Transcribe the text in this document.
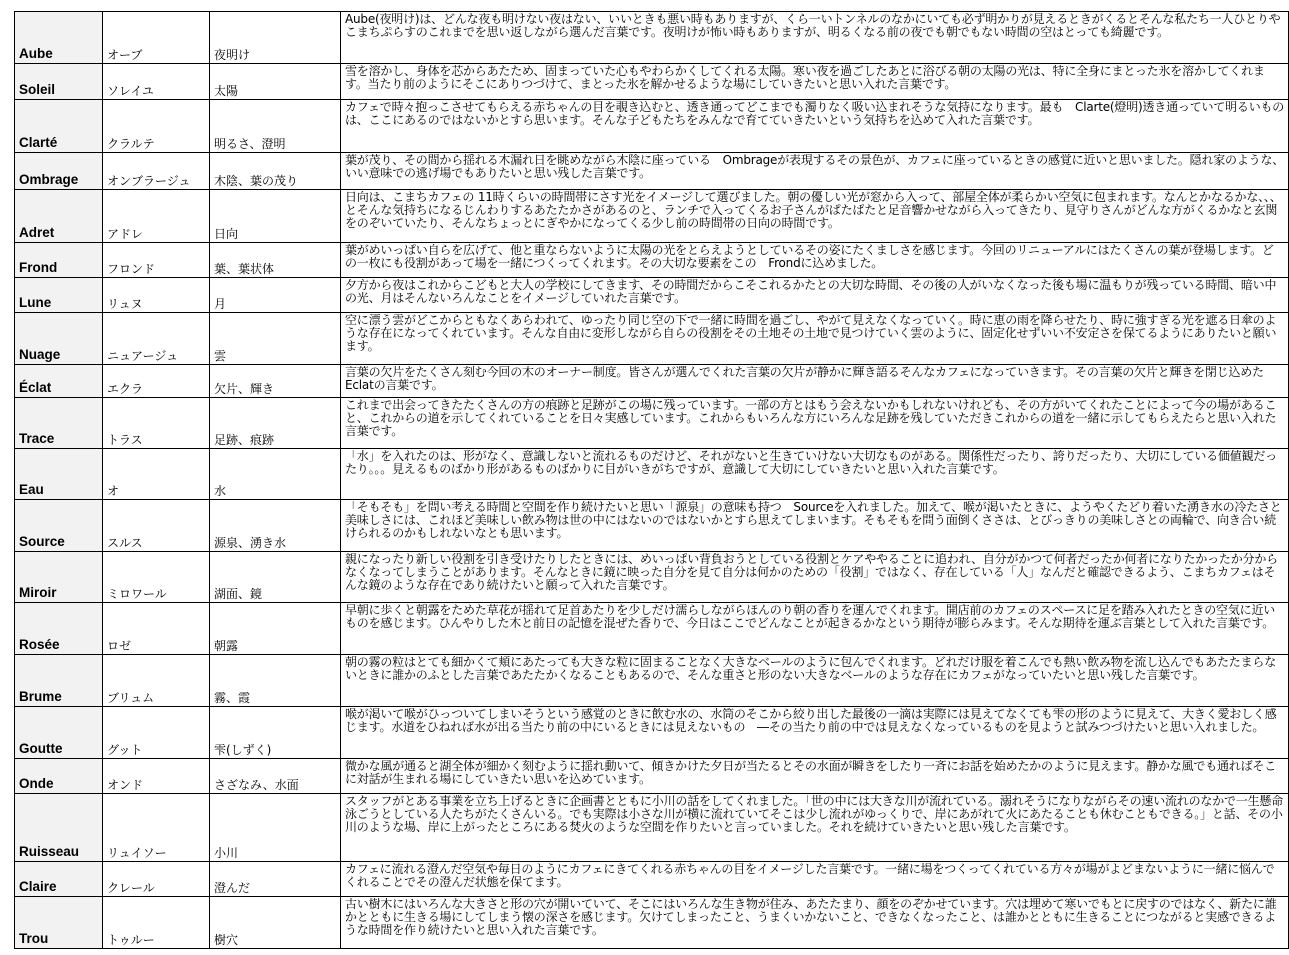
Aube	オーブ	夜明け	Aube(夜明け)は、どんな夜も明けない夜はない、いいときも悪い時もありますが、くら一いトンネルのなかにいても必ず明かりが見えるときがくるとそんな私たち一人ひとりやこまちぷらすのこれまでを思い返しながら選んだ言葉です。夜明けが怖い時もありますが、明るくなる前の夜でも朝でもない時間の空はとっても綺麗です。

Soleil	ソレイユ	太陽	雪を溶かし、身体を芯からあたため、固まっていた心もやわらかくしてくれる太陽。寒い夜を過ごしたあとに浴びる朝の太陽の光は、特に全身にまとった氷を溶かしてくれます。当たり前のようにそこにありつづけて、まとった氷を解かせるような場にしていきたいと思い入れた言葉です。

Clarté	クラルテ	明るさ、澄明	カフェで時々抱っこさせてもらえる赤ちゃんの目を覗き込むと、透き通ってどこまでも濁りなく吸い込まれそうな気持になります。最も　Clarte(燈明)透き通っていて明るいものは、ここにあるのではないかとすら思います。そんな子どもたちをみんなで育てていきたいという気持ちを込めて入れた言葉です。

Ombrage	オンブラージュ	木陰、葉の茂り	葉が茂り、その間から揺れる木漏れ日を眺めながら木陰に座っている　Ombrageが表現するその景色が、カフェに座っているときの感覚に近いと思いました。隠れ家のような、いい意味での逃げ場でもありたいと思い残した言葉です。

Adret	アドレ	日向	日向は、こまちカフェの 11時くらいの時間帯にさす光をイメージして選びました。朝の優しい光が窓から入って、部屋全体が柔らかい空気に包まれます。なんとかなるかな、、、とそんな気持ちになるじんわりするあたたかさがあるのと、ランチで入ってくるお子さんがぱたぱたと足音響かせながら入ってきたり、見守りさんがどんな方がくるかなと玄関をのぞいていたり、そんなちょっとにぎやかになってくる少し前の時間帯の日向の時間です。

Frond	フロンド	葉、葉状体	葉がめいっぱい自らを広げて、他と重ならないように太陽の光をとらえようとしているその姿にたくましさを感じます。今回のリニューアルにはたくさんの葉が登場します。どの一枚にも役割があって場を一緒につくってくれます。その大切な要素をこの　Frondに込めました。

Lune	リュヌ	月	夕方から夜はこれからこどもと大人の学校にしてきます、その時間だからこそこれるかたとの大切な時間、その後の人がいなくなった後も場に温もりが残っている時間、暗い中の光、月はそんないろんなことをイメージしていれた言葉です。

Nuage	ニュアージュ	雲	空に漂う雲がどこからともなくあらわれて、ゆったり同じ空の下で一緒に時間を過ごし、やがて見えなくなっていく。時に恵の雨を降らせたり、時に強すぎる光を遮る日傘のような存在になってくれています。そんな自由に変形しながら自らの役割をその土地その土地で見つけていく雲のように、固定化せずいい不安定さを保てるようにありたいと願います。

Éclat	エクラ	欠片、輝き	言葉の欠片をたくさん刻む今回の木のオーナー制度。皆さんが選んでくれた言葉の欠片が静かに輝き語るそんなカフェになっていきます。その言葉の欠片と輝きを閉じ込めた Eclatの言葉です。

Trace	トラス	足跡、痕跡	これまで出会ってきたたくさんの方の痕跡と足跡がこの場に残っています。一部の方とはもう会えないかもしれないけれども、その方がいてくれたことによって今の場があること、これからの道を示してくれていることを日々実感しています。これからもいろんな方にいろんな足跡を残していただきこれからの道を一緒に示してもらえたらと思い入れた言葉です。

Eau	オ	水	「水」を入れたのは、形がなく、意識しないと流れるものだけど、それがないと生きていけない大切なものがある。関係性だったり、誇りだったり、大切にしている価値観だったり。。。見えるものばかり形があるものばかりに目がいきがちですが、意識して大切にしていきたいと思い入れた言葉です。

Source	スルス	源泉、湧き水	「そもそも」を問い考える時間と空間を作り続けたいと思い「源泉」の意味も持つ　Sourceを入れました。加えて、喉が渇いたときに、ようやくたどり着いた湧き水の冷たさと美味しさには、これほど美味しい飲み物は世の中にはないのではないかとすら思えてしまいます。そもそもを問う面倒くささは、とびっきりの美味しさとの両輪で、向き合い続けられるのかもしれないなとも思います。

Miroir	ミロワール	湖面、鏡	親になったり新しい役割を引き受けたりしたときには、めいっぱい背負おうとしている役割とケアややることに追われ、自分がかつて何者だったか何者になりたかったか分からなくなってしまうことがあります。そんなときに鏡に映った自分を見て自分は何かのための「役割」ではなく、存在している「人」なんだと確認できるよう、こまちカフェはそんな鏡のような存在であり続けたいと願って入れた言葉です。

Rosée	ロゼ	朝露	早朝に歩くと朝露をためた草花が揺れて足首あたりを少しだけ濡らしながらほんのり朝の香りを運んでくれます。開店前のカフェのスペースに足を踏み入れたときの空気に近いものを感じます。ひんやりした木と前日の記憶を混ぜた香りで、今日はここでどんなことが起きるかなという期待が膨らみます。そんな期待を運ぶ言葉として入れた言葉です。

Brume	ブリュム	霧、霞	朝の霧の粒はとても細かくて頬にあたっても大きな粒に固まることなく大きなベールのように包んでくれます。どれだけ服を着こんでも熱い飲み物を流し込んでもあたたまらないときに誰かのふとした言葉であたたかくなることもあるので、そんな重さと形のない大きなベールのような存在にカフェがなっていたいと思い残した言葉です。

Goutte	グット	雫(しずく)	喉が渇いて喉がひっついてしまいそうという感覚のときに飲む水の、水筒のそこから絞り出した最後の一滴は実際には見えてなくても雫の形のように見えて、大きく愛おしく感じます。水道をひねれば水が出る当たり前の中にいるときには見えないもの　―その当たり前の中では見えなくなっているものを見ようと試みつづけたいと思い入れました。

Onde	オンド	さざなみ、水面	微かな風が通ると湖全体が細かく刻むように揺れ動いて、傾きかけた夕日が当たるとその水面が瞬きをしたり一斉にお話を始めたかのように見えます。静かな風でも通ればそこに対話が生まれる場にしていきたい思いを込めています。

Ruisseau	リュイソー	小川	スタッフがとある事業を立ち上げるときに企画書とともに小川の話をしてくれました。「世の中には大きな川が流れている。溺れそうになりながらその速い流れのなかで一生懸命泳ごうとしている人たちがたくさんいる。でも実際は小さな川が横に流れていてそこは少し流れがゆっくりで、岸にあがれて火にあたることも休むこともできる。」と話、その小川のような場、岸に上がったところにある焚火のような空間を作りたいと言っていました。それを続けていきたいと思い残した言葉です。

Claire	クレール	澄んだ	カフェに流れる澄んだ空気や毎日のようにカフェにきてくれる赤ちゃんの目をイメージした言葉です。一緒に場をつくってくれている方々が場がよどまないように一緒に悩んでくれることでその澄んだ状態を保てます。

Trou	トゥルー	樹穴	古い樹木にはいろんな大きさと形の穴が開いていて、そこにはいろんな生き物が住み、あたたまり、顔をのぞかせています。穴は埋めて寒いでもとに戻すのではなく、新たに誰かとともに生きる場にしてしまう懐の深さを感じます。欠けてしまったこと、うまくいかないこと、できなくなったこと、は誰かとともに生きることにつながると実感できるような時間を作り続けたいと思い入れた言葉です。
